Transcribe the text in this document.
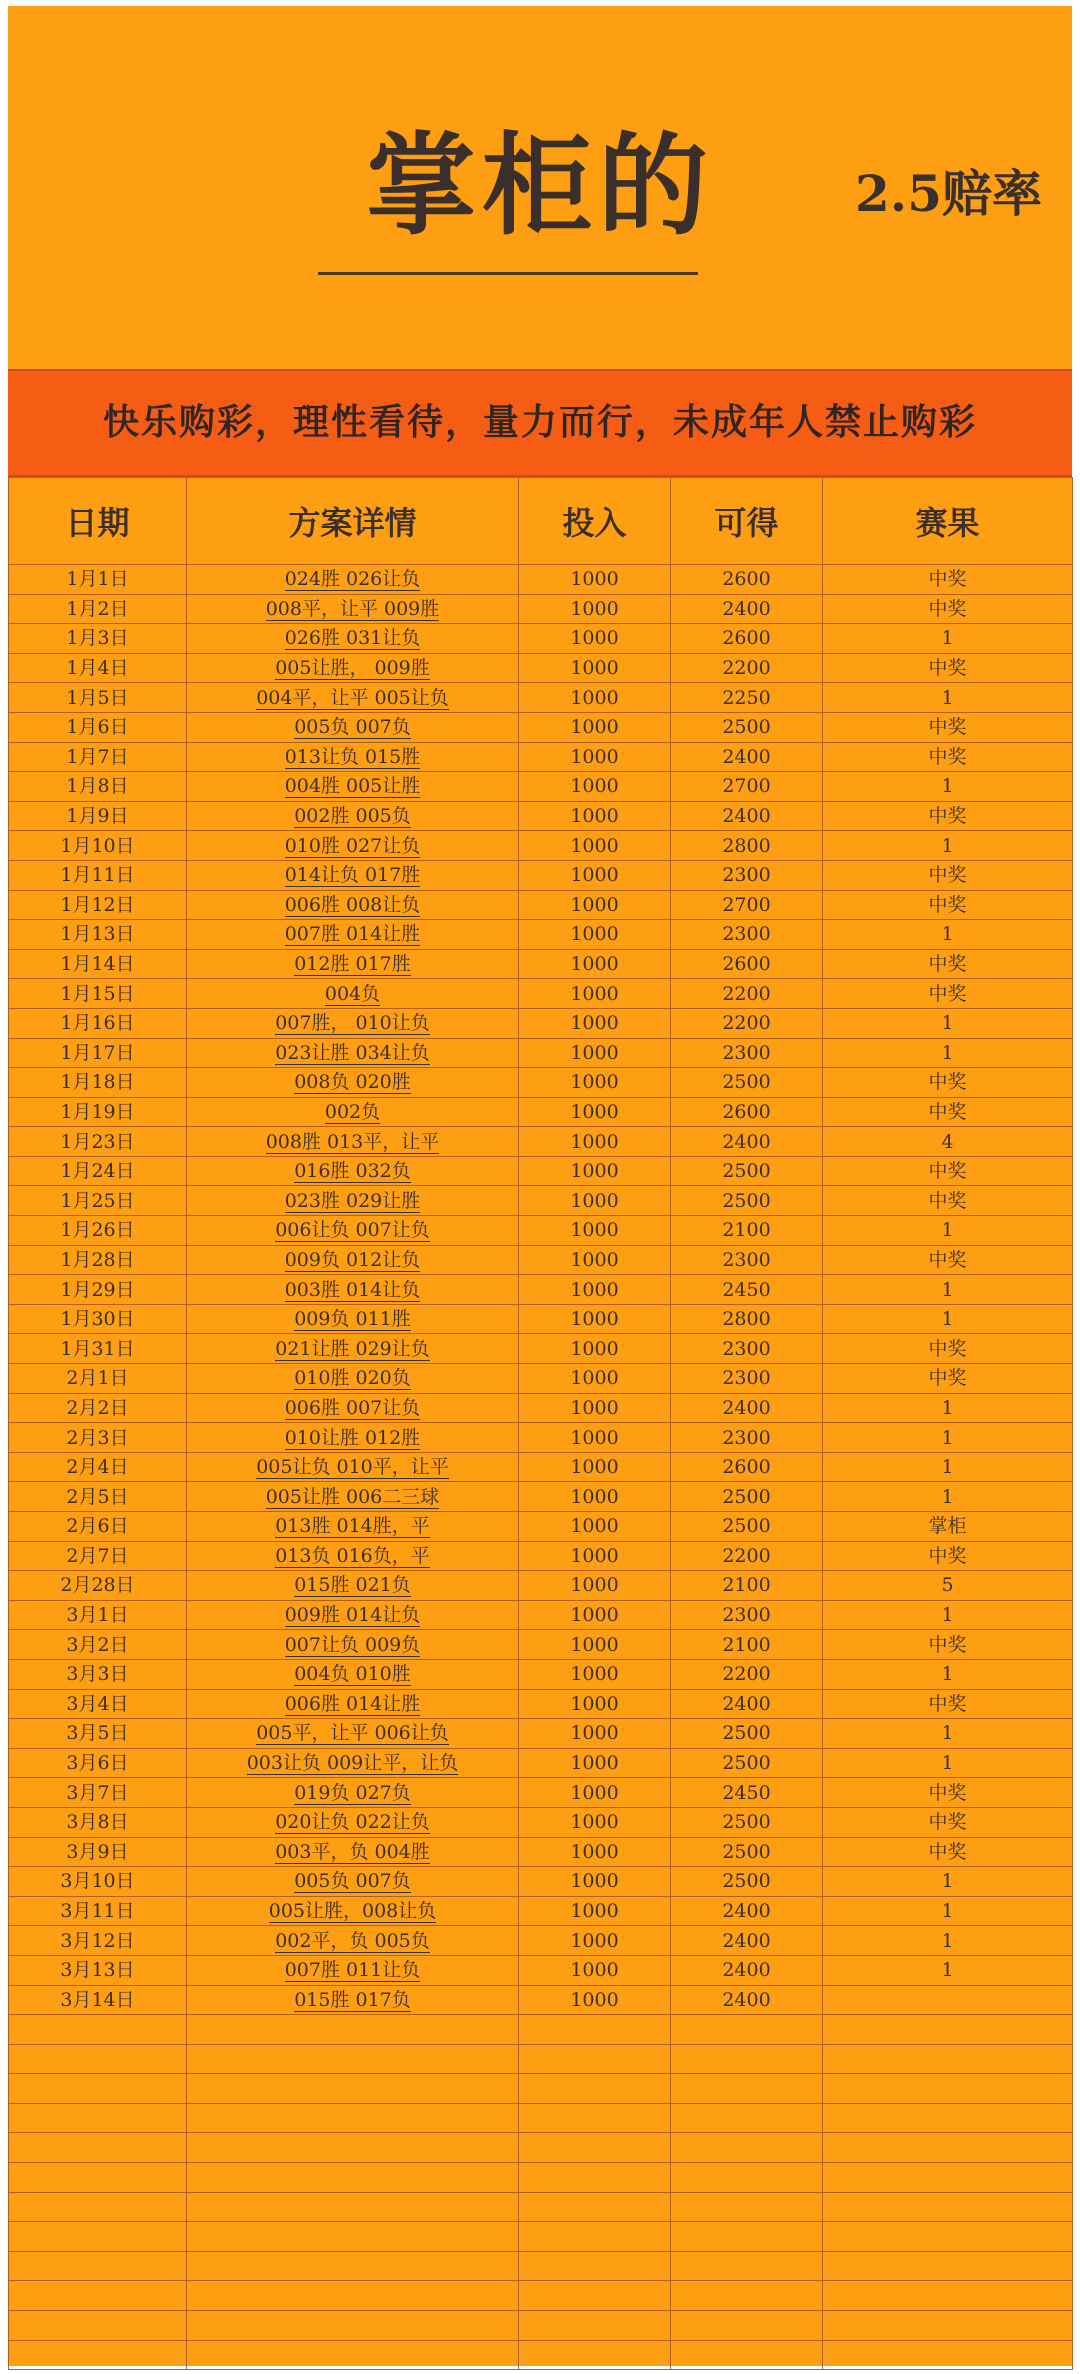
掌柜的	2.5赔率
快乐购彩，理性看待，量力而行，未成年人禁止购彩
日期	方案详情	投入	可得	赛果
1月1日	024胜 026让负	1000	2600	中奖
1月2日	008平，让平 009胜	1000	2400	中奖
1月3日	026胜 031让负	1000	2600	1
1月4日	005让胜， 009胜	1000	2200	中奖
1月5日	004平，让平 005让负	1000	2250	1
1月6日	005负 007负	1000	2500	中奖
1月7日	013让负 015胜	1000	2400	中奖
1月8日	004胜 005让胜	1000	2700	1
1月9日	002胜 005负	1000	2400	中奖
1月10日	010胜 027让负	1000	2800	1
1月11日	014让负 017胜	1000	2300	中奖
1月12日	006胜 008让负	1000	2700	中奖
1月13日	007胜 014让胜	1000	2300	1
1月14日	012胜 017胜	1000	2600	中奖
1月15日	004负	1000	2200	中奖
1月16日	007胜， 010让负	1000	2200	1
1月17日	023让胜 034让负	1000	2300	1
1月18日	008负 020胜	1000	2500	中奖
1月19日	002负	1000	2600	中奖
1月23日	008胜 013平，让平	1000	2400	4
1月24日	016胜 032负	1000	2500	中奖
1月25日	023胜 029让胜	1000	2500	中奖
1月26日	006让负 007让负	1000	2100	1
1月28日	009负 012让负	1000	2300	中奖
1月29日	003胜 014让负	1000	2450	1
1月30日	009负 011胜	1000	2800	1
1月31日	021让胜 029让负	1000	2300	中奖
2月1日	010胜 020负	1000	2300	中奖
2月2日	006胜 007让负	1000	2400	1
2月3日	010让胜 012胜	1000	2300	1
2月4日	005让负 010平，让平	1000	2600	1
2月5日	005让胜 006二三球	1000	2500	1
2月6日	013胜 014胜，平	1000	2500	掌柜
2月7日	013负 016负，平	1000	2200	中奖
2月28日	015胜 021负	1000	2100	5
3月1日	009胜 014让负	1000	2300	1
3月2日	007让负 009负	1000	2100	中奖
3月3日	004负 010胜	1000	2200	1
3月4日	006胜 014让胜	1000	2400	中奖
3月5日	005平，让平 006让负	1000	2500	1
3月6日	003让负 009让平，让负	1000	2500	1
3月7日	019负 027负	1000	2450	中奖
3月8日	020让负 022让负	1000	2500	中奖
3月9日	003平，负 004胜	1000	2500	中奖
3月10日	005负 007负	1000	2500	1
3月11日	005让胜，008让负	1000	2400	1
3月12日	002平，负 005负	1000	2400	1
3月13日	007胜 011让负	1000	2400	1
3月14日	015胜 017负	1000	2400	
